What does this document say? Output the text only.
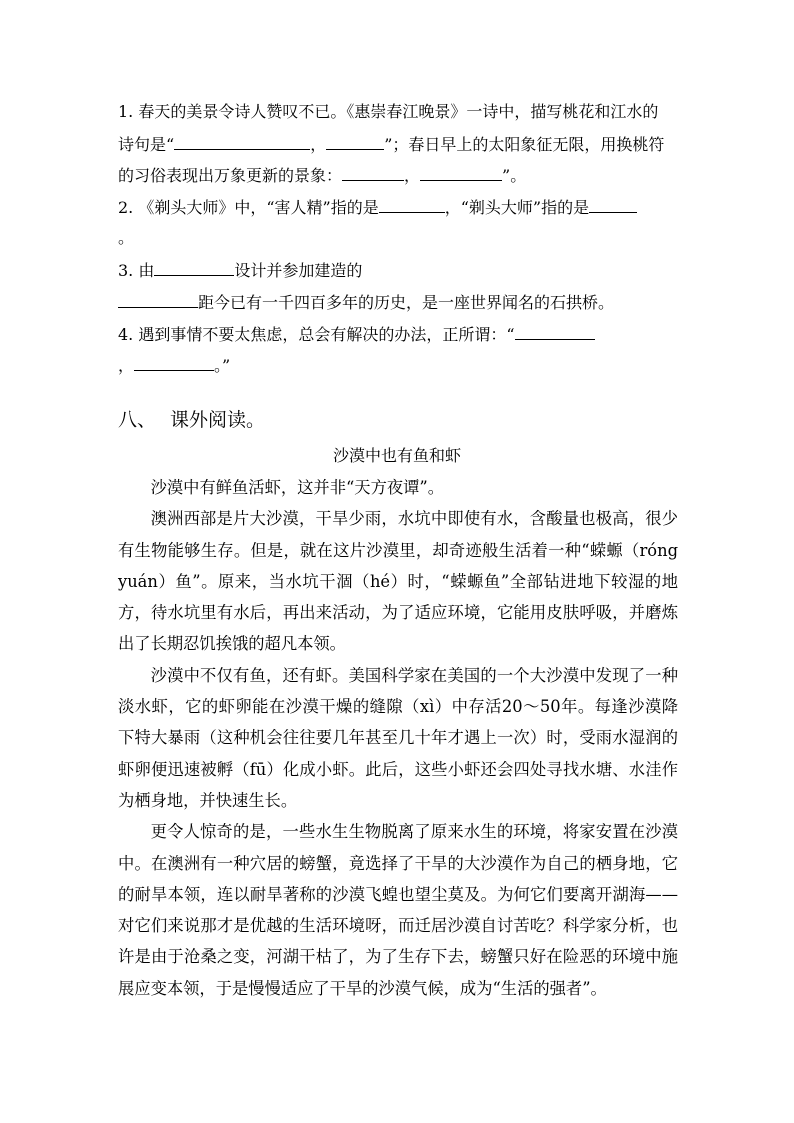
1. 春天的美景令诗人赞叹不已。《惠崇春江晚景》一诗中，描写桃花和江水的
诗句是“	，	”；春日早上的太阳象征无限，用换桃符
的习俗表现出万象更新的景象：	，	”。
2. 《剃头大师》中，“害人精”指的是	，“剃头大师”指的是
。
3. 由	设计并参加建造的
距今已有一千四百多年的历史，是一座世界闻名的石拱桥。
4. 遇到事情不要太焦虑，总会有解决的办法，正所谓：“
，	。”
八、 课外阅读。
沙漠中也有鱼和虾

沙漠中有鲜鱼活虾，这并非“天方夜谭”。

澳洲西部是片大沙漠，干旱少雨，水坑中即使有水，含酸量也极高，很少有生物能够生存。但是，就在这片沙漠里，却奇迹般生活着一种“蝾螈（róng yuán）鱼”。原来，当水坑干涸（hé）时，“蝾螈鱼”全部钻进地下较湿的地方，待水坑里有水后，再出来活动，为了适应环境，它能用皮肤呼吸，并磨炼出了长期忍饥挨饿的超凡本领。

沙漠中不仅有鱼，还有虾。美国科学家在美国的一个大沙漠中发现了一种淡水虾，它的虾卵能在沙漠干燥的缝隙（xì）中存活20～50年。每逢沙漠降下特大暴雨（这种机会往往要几年甚至几十年才遇上一次）时，受雨水湿润的虾卵便迅速被孵（fū）化成小虾。此后，这些小虾还会四处寻找水塘、水洼作为栖身地，并快速生长。

更令人惊奇的是，一些水生生物脱离了原来水生的环境，将家安置在沙漠中。在澳洲有一种穴居的螃蟹，竟选择了干旱的大沙漠作为自己的栖身地，它的耐旱本领，连以耐旱著称的沙漠飞蝗也望尘莫及。为何它们要离开湖海——对它们来说那才是优越的生活环境呀，而迁居沙漠自讨苦吃？科学家分析，也许是由于沧桑之变，河湖干枯了，为了生存下去，螃蟹只好在险恶的环境中施展应变本领，于是慢慢适应了干旱的沙漠气候，成为“生活的强者”。
